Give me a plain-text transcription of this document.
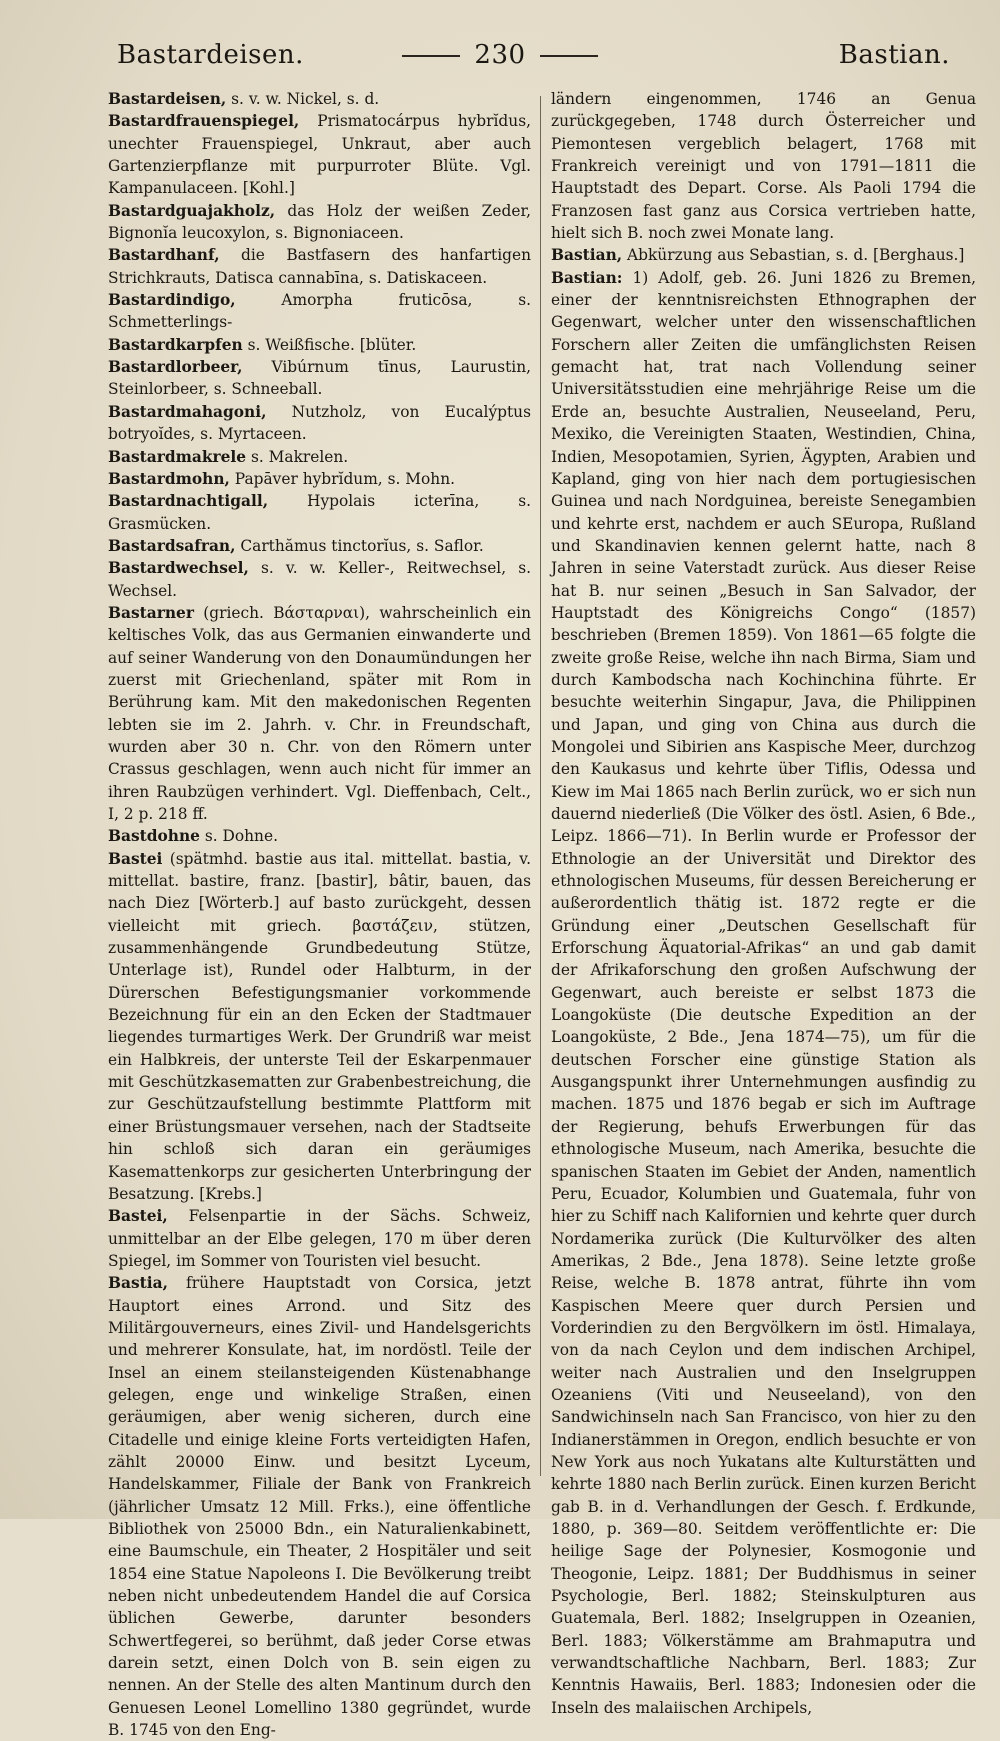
Bastardeisen.	230	Bastian.

Bastardeisen, s. v. w. Nickel, s. d.

Bastardfrauenspiegel, Prismatocárpus hybrĭdus, unechter Frauenspiegel, Unkraut, aber auch Gartenzierpflanze mit purpurroter Blüte. Vgl. Kampanulaceen. [Kohl.]

Bastardguajakholz, das Holz der weißen Zeder, Bignonĭa leucoxylon, s. Bignoniaceen.

Bastardhanf, die Bastfasern des hanfartigen Strichkrauts, Datisca cannabīna, s. Datiskaceen.

Bastardindigo, Amorpha fruticōsa, s. Schmetterlings-

Bastardkarpfen s. Weißfische. [blüter.

Bastardlorbeer, Vibúrnum tīnus, Laurustin, Steinlorbeer, s. Schneeball.

Bastardmahagoni, Nutzholz, von Eucalýptus botryoĭdes, s. Myrtaceen.

Bastardmakrele s. Makrelen.

Bastardmohn, Papāver hybrĭdum, s. Mohn.

Bastardnachtigall, Hypolais icterīna, s. Grasmücken.

Bastardsafran, Carthămus tinctorĭus, s. Saflor.

Bastardwechsel, s. v. w. Keller-, Reitwechsel, s. Wechsel.

Bastarner (griech. Βάσταρναι), wahrscheinlich ein keltisches Volk, das aus Germanien einwanderte und auf seiner Wanderung von den Donaumündungen her zuerst mit Griechenland, später mit Rom in Berührung kam. Mit den makedonischen Regenten lebten sie im 2. Jahrh. v. Chr. in Freundschaft, wurden aber 30 n. Chr. von den Römern unter Crassus geschlagen, wenn auch nicht für immer an ihren Raubzügen verhindert. Vgl. Dieffenbach, Celt., I, 2 p. 218 ff.

Bastdohne s. Dohne.

Bastei (spätmhd. bastie aus ital. mittellat. bastia, v. mittellat. bastire, franz. [bastir], bâtir, bauen, das nach Diez [Wörterb.] auf basto zurückgeht, dessen vielleicht mit griech. βαστάζειν, stützen, zusammenhängende Grundbedeutung Stütze, Unterlage ist), Rundel oder Halbturm, in der Dürerschen Befestigungsmanier vorkommende Bezeichnung für ein an den Ecken der Stadtmauer liegendes turmartiges Werk. Der Grundriß war meist ein Halbkreis, der unterste Teil der Eskarpenmauer mit Geschützkasematten zur Grabenbestreichung, die zur Geschützaufstellung bestimmte Plattform mit einer Brüstungsmauer versehen, nach der Stadtseite hin schloß sich daran ein geräumiges Kasemattenkorps zur gesicherten Unterbringung der Besatzung. [Krebs.]

Bastei, Felsenpartie in der Sächs. Schweiz, unmittelbar an der Elbe gelegen, 170 m über deren Spiegel, im Sommer von Touristen viel besucht.

Bastia, frühere Hauptstadt von Corsica, jetzt Hauptort eines Arrond. und Sitz des Militärgouverneurs, eines Zivil- und Handelsgerichts und mehrerer Konsulate, hat, im nordöstl. Teile der Insel an einem steilansteigenden Küstenabhange gelegen, enge und winkelige Straßen, einen geräumigen, aber wenig sicheren, durch eine Citadelle und einige kleine Forts verteidigten Hafen, zählt 20000 Einw. und besitzt Lyceum, Handelskammer, Filiale der Bank von Frankreich (jährlicher Umsatz 12 Mill. Frks.), eine öffentliche Bibliothek von 25000 Bdn., ein Naturalienkabinett, eine Baumschule, ein Theater, 2 Hospitäler und seit 1854 eine Statue Napoleons I. Die Bevölkerung treibt neben nicht unbedeutendem Handel die auf Corsica üblichen Gewerbe, darunter besonders Schwertfegerei, so berühmt, daß jeder Corse etwas darein setzt, einen Dolch von B. sein eigen zu nennen. An der Stelle des alten Mantinum durch den Genuesen Leonel Lomellino 1380 gegründet, wurde B. 1745 von den Eng-

ländern eingenommen, 1746 an Genua zurückgegeben, 1748 durch Österreicher und Piemontesen vergeblich belagert, 1768 mit Frankreich vereinigt und von 1791—1811 die Hauptstadt des Depart. Corse. Als Paoli 1794 die Franzosen fast ganz aus Corsica vertrieben hatte, hielt sich B. noch zwei Monate lang.

Bastian, Abkürzung aus Sebastian, s. d. [Berghaus.]

Bastian: 1) Adolf, geb. 26. Juni 1826 zu Bremen, einer der kenntnisreichsten Ethnographen der Gegenwart, welcher unter den wissenschaftlichen Forschern aller Zeiten die umfänglichsten Reisen gemacht hat, trat nach Vollendung seiner Universitätsstudien eine mehrjährige Reise um die Erde an, besuchte Australien, Neuseeland, Peru, Mexiko, die Vereinigten Staaten, Westindien, China, Indien, Mesopotamien, Syrien, Ägypten, Arabien und Kapland, ging von hier nach dem portugiesischen Guinea und nach Nordguinea, bereiste Senegambien und kehrte erst, nachdem er auch SEuropa, Rußland und Skandinavien kennen gelernt hatte, nach 8 Jahren in seine Vaterstadt zurück. Aus dieser Reise hat B. nur seinen „Besuch in San Salvador, der Hauptstadt des Königreichs Congo“ (1857) beschrieben (Bremen 1859). Von 1861—65 folgte die zweite große Reise, welche ihn nach Birma, Siam und durch Kambodscha nach Kochinchina führte. Er besuchte weiterhin Singapur, Java, die Philippinen und Japan, und ging von China aus durch die Mongolei und Sibirien ans Kaspische Meer, durchzog den Kaukasus und kehrte über Tiflis, Odessa und Kiew im Mai 1865 nach Berlin zurück, wo er sich nun dauernd niederließ (Die Völker des östl. Asien, 6 Bde., Leipz. 1866—71). In Berlin wurde er Professor der Ethnologie an der Universität und Direktor des ethnologischen Museums, für dessen Bereicherung er außerordentlich thätig ist. 1872 regte er die Gründung einer „Deutschen Gesellschaft für Erforschung Äquatorial-Afrikas“ an und gab damit der Afrikaforschung den großen Aufschwung der Gegenwart, auch bereiste er selbst 1873 die Loangoküste (Die deutsche Expedition an der Loangoküste, 2 Bde., Jena 1874—75), um für die deutschen Forscher eine günstige Station als Ausgangspunkt ihrer Unternehmungen ausfindig zu machen. 1875 und 1876 begab er sich im Auftrage der Regierung, behufs Erwerbungen für das ethnologische Museum, nach Amerika, besuchte die spanischen Staaten im Gebiet der Anden, namentlich Peru, Ecuador, Kolumbien und Guatemala, fuhr von hier zu Schiff nach Kalifornien und kehrte quer durch Nordamerika zurück (Die Kulturvölker des alten Amerikas, 2 Bde., Jena 1878). Seine letzte große Reise, welche B. 1878 antrat, führte ihn vom Kaspischen Meere quer durch Persien und Vorderindien zu den Bergvölkern im östl. Himalaya, von da nach Ceylon und dem indischen Archipel, weiter nach Australien und den Inselgruppen Ozeaniens (Viti und Neuseeland), von den Sandwichinseln nach San Francisco, von hier zu den Indianerstämmen in Oregon, endlich besuchte er von New York aus noch Yukatans alte Kulturstätten und kehrte 1880 nach Berlin zurück. Einen kurzen Bericht gab B. in d. Verhandlungen der Gesch. f. Erdkunde, 1880, p. 369—80. Seitdem veröffentlichte er: Die heilige Sage der Polynesier, Kosmogonie und Theogonie, Leipz. 1881; Der Buddhismus in seiner Psychologie, Berl. 1882; Steinskulpturen aus Guatemala, Berl. 1882; Inselgruppen in Ozeanien, Berl. 1883; Völkerstämme am Brahmaputra und verwandtschaftliche Nachbarn, Berl. 1883; Zur Kenntnis Hawaiis, Berl. 1883; Indonesien oder die Inseln des malaiischen Archipels,
